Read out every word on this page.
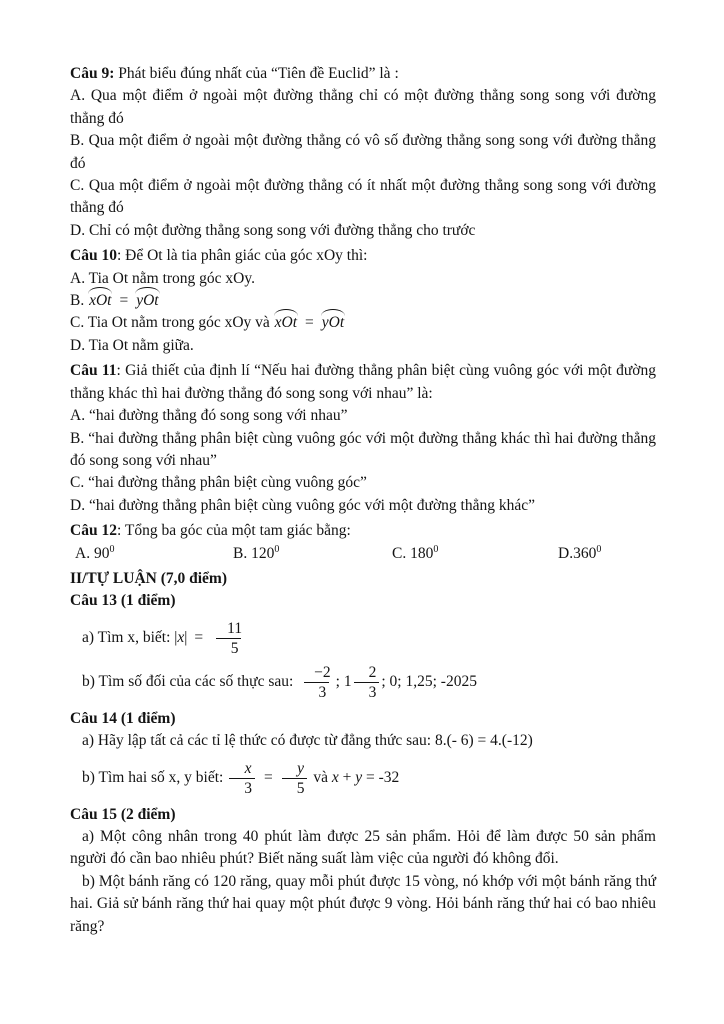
Câu 9: Phát biểu đúng nhất của “Tiên đề Euclid” là :

A. Qua một điểm ở ngoài một đường thẳng chỉ có một đường thẳng song song với đường thẳng đó

B. Qua một điểm ở ngoài một đường thẳng có vô số đường thẳng song song với đường thẳng đó

C. Qua một điểm ở ngoài một đường thẳng có ít nhất một đường thẳng song song với đường thẳng đó

D. Chỉ có một đường thẳng song song với đường thẳng cho trước

Câu 10: Để Ot là tia phân giác của góc xOy thì:

A. Tia Ot nằm trong góc xOy.

B. xOt = yOt

C. Tia Ot nằm trong góc xOy và xOt = yOt

D. Tia Ot nằm giữa.

Câu 11: Giả thiết của định lí “Nếu hai đường thẳng phân biệt cùng vuông góc với một đường thẳng khác thì hai đường thẳng đó song song với nhau” là:

A. “hai đường thẳng đó song song với nhau”

B. “hai đường thẳng phân biệt cùng vuông góc với một đường thẳng khác thì hai đường thẳng đó song song với nhau”

C. “hai đường thẳng phân biệt cùng vuông góc”

D. “hai đường thẳng phân biệt cùng vuông góc với một đường thẳng khác”

Câu 12: Tổng ba góc của một tam giác bằng:

A. $90^0$	B. $120^0$	C. $180^0$	D.360$^0$

II/TỰ LUẬN (7,0 điểm)

Câu 13 (1 điểm)

a) Tìm x, biết: $|x| = \frac{11}{5}$

b) Tìm số đối của các số thực sau: $\frac{-2}{3}$ ; $1 \frac{2}{3}$ ; 0; 1,25; -2025

Câu 14 (1 điểm)

a) Hãy lập tất cả các tỉ lệ thức có được từ đẳng thức sau: 8.(- 6) = 4.(-12)

b) Tìm hai số x, y biết: $\frac{x}{3} = \frac{y}{5}$ và x + y = -32

Câu 15 (2 điểm)

a) Một công nhân trong 40 phút làm được 25 sản phẩm. Hỏi để làm được 50 sản phẩm người đó cần bao nhiêu phút? Biết năng suất làm việc của người đó không đổi.

b) Một bánh răng có 120 răng, quay mỗi phút được 15 vòng, nó khớp với một bánh răng thứ hai. Giả sử bánh răng thứ hai quay một phút được 9 vòng. Hỏi bánh răng thứ hai có bao nhiêu răng?
